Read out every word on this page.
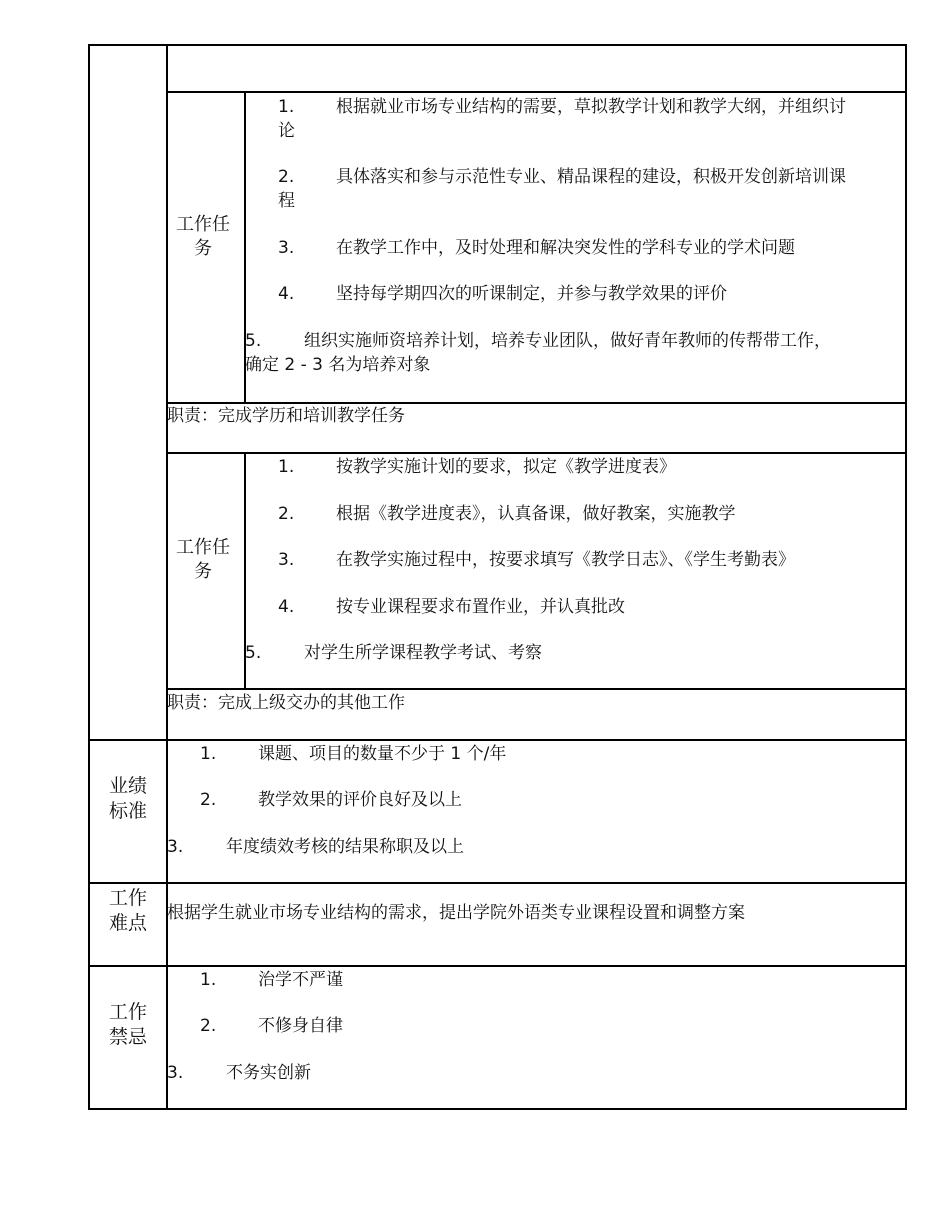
工作任务
1. 根据就业市场专业结构的需要，草拟教学计划和教学大纲，并组织讨
论
2. 具体落实和参与示范性专业、精品课程的建设，积极开发创新培训课
程
3. 在教学工作中，及时处理和解决突发性的学科专业的学术问题
4. 坚持每学期四次的听课制定，并参与教学效果的评价
5.	组织实施师资培养计划，培养专业团队，做好青年教师的传帮带工作，
确定 2 - 3 名为培养对象
职责：完成学历和培训教学任务
工作任务
1. 按教学实施计划的要求，拟定《教学进度表》
2. 根据《教学进度表》，认真备课，做好教案，实施教学
3. 在教学实施过程中，按要求填写《教学日志》、《学生考勤表》
4. 按专业课程要求布置作业，并认真批改
5.	对学生所学课程教学考试、考察
职责：完成上级交办的其他工作
业绩标准
1. 课题、项目的数量不少于 1 个/年
2. 教学效果的评价良好及以上
3.	年度绩效考核的结果称职及以上
工作难点	根据学生就业市场专业结构的需求，提出学院外语类专业课程设置和调整方案
工作禁忌
1. 治学不严谨
2. 不修身自律
3.	不务实创新
